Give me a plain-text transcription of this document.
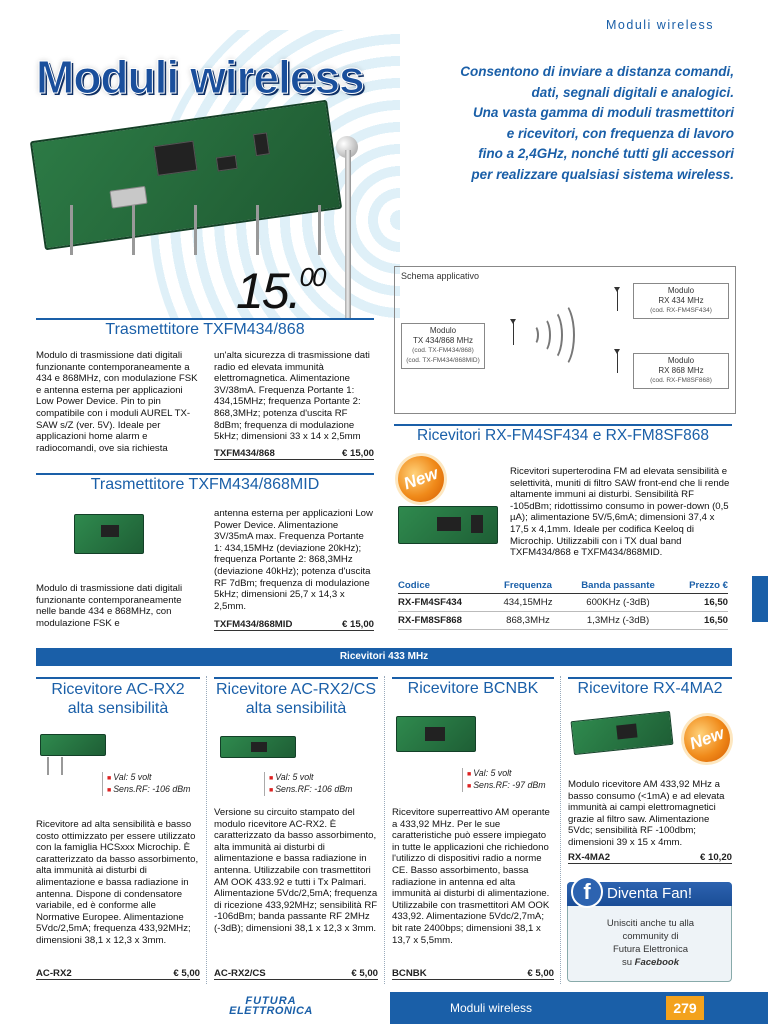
Moduli wireless
Moduli wireless	Consentono di inviare a distanza comandi,
dati, segnali digitali e analogici.
Una vasta gamma di moduli trasmettitori
e ricevitori, con frequenza di lavoro
fino a 2,4GHz, nonché tutti gli accessori
per realizzare qualsiasi sistema wireless.
15.00
Trasmettitore TXFM434/868
Modulo di trasmissione dati digitali funzionante contemporaneamente a 434 e 868MHz, con modulazione FSK e antenna esterna per applicazioni Low Power Device. Pin to pin compatibile con i moduli AUREL TX-SAW s/Z (ver. 5V). Ideale per applicazioni home alarm e radiocomandi, ove sia richiesta
un'alta sicurezza di trasmissione dati radio ed elevata immunità elettromagnetica. Alimentazione 3V/38mA. Frequenza Portante 1: 434,15MHz; frequenza Portante 2: 868,3MHz; potenza d'uscita RF 8dBm; frequenza di modulazione 5kHz; dimensioni 33 x 14 x 2,5mm
TXFM434/868	€ 15,00
Trasmettitore TXFM434/868MID
Modulo di trasmissione dati digitali funzionante contemporaneamente nelle bande 434 e 868MHz, con modulazione FSK e
antenna esterna per applicazioni Low Power Device. Alimentazione 3V/35mA max. Frequenza Portante 1: 434,15MHz (deviazione 20kHz); frequenza Portante 2: 868,3MHz (deviazione 40kHz); potenza d'uscita RF 7dBm; frequenza di modulazione 5kHz; dimensioni 25,7 x 14,3 x 2,5mm.
TXFM434/868MID	€ 15,00
Schema applicativo
Modulo
TX 434/868 MHz
(cod. TX-FM434/868)
(cod. TX-FM434/868MID)
Modulo
RX 434 MHz
(cod. RX-FM4SF434)
Modulo
RX 868 MHz
(cod. RX-FM8SF868)
Ricevitori RX-FM4SF434 e RX-FM8SF868
New	Ricevitori superterodina FM ad elevata sensibilità e selettività, muniti di filtro SAW front-end che li rende altamente immuni ai disturbi. Sensibilità RF -105dBm; ridottissimo consumo in power-down (0,5 µA); alimentazione 5V/5,6mA; dimensioni 37,4 x 17,5 x 4,1mm. Ideale per codifica Keeloq di Microchip. Utilizzabili con i TX dual band TXFM434/868 e TXFM434/868MID.
Codice	Frequenza	Banda passante	Prezzo €
RX-FM4SF434	434,15MHz	600KHz (-3dB)	16,50
RX-FM8SF868	868,3MHz	1,3MHz (-3dB)	16,50
Ricevitori 433 MHz
Ricevitore AC-RX2
alta sensibilità
■ Val: 5 volt
■ Sens.RF: -106 dBm
Ricevitore ad alta sensibilità e basso costo ottimizzato per essere utilizzato con la famiglia HCSxxx Microchip. È caratterizzato da basso assorbimento, alta immunità ai disturbi di alimentazione e bassa radiazione in antenna. Dispone di condensatore variabile, ed è conforme alle Normative Europee. Alimentazione 5Vdc/2,5mA; frequenza 433,92MHz; dimensioni 38,1 x 12,3 x 3mm.
AC-RX2	€ 5,00
Ricevitore AC-RX2/CS
alta sensibilità
■ Val: 5 volt
■ Sens.RF: -106 dBm
Versione su circuito stampato del modulo ricevitore AC-RX2. È caratterizzato da basso assorbimento, alta immunità ai disturbi di alimentazione e bassa radiazione in antenna. Utilizzabile con trasmettitori AM OOK 433.92 e tutti i Tx Palmari. Alimentazione 5Vdc/2,5mA; frequenza di ricezione 433,92MHz; sensibilità RF -106dBm; banda passante RF 2MHz (-3dB); dimensioni 38,1 x 12,3 x 3mm.
AC-RX2/CS	€ 5,00
Ricevitore BCNBK
■ Val: 5 volt
■ Sens.RF: -97 dBm
Ricevitore superreattivo AM operante a 433,92 MHz. Per le sue caratteristiche può essere impiegato in tutte le applicazioni che richiedono l'utilizzo di dispositivi radio a norme CE. Basso assorbimento, bassa radiazione in antenna ed alta immunità ai disturbi di alimentazione. Utilizzabile con trasmettitori AM OOK 433,92. Alimentazione 5Vdc/2,7mA; bit rate 2400bps; dimensioni 38,1 x 13,7 x 5,5mm.
BCNBK	€ 5,00
Ricevitore RX-4MA2
New
Modulo ricevitore AM 433,92 MHz a basso consumo (<1mA) e ad elevata immunità ai campi elettromagnetici grazie al filtro saw. Alimentazione 5Vdc; sensibilità RF -100dbm; dimensioni 39 x 15 x 4mm.
RX-4MA2	€ 10,20
f	Diventa Fan!
Unisciti anche tu alla
community di
Futura Elettronica
su Facebook
FUTURA
ELETTRONICA	Moduli wireless	279
